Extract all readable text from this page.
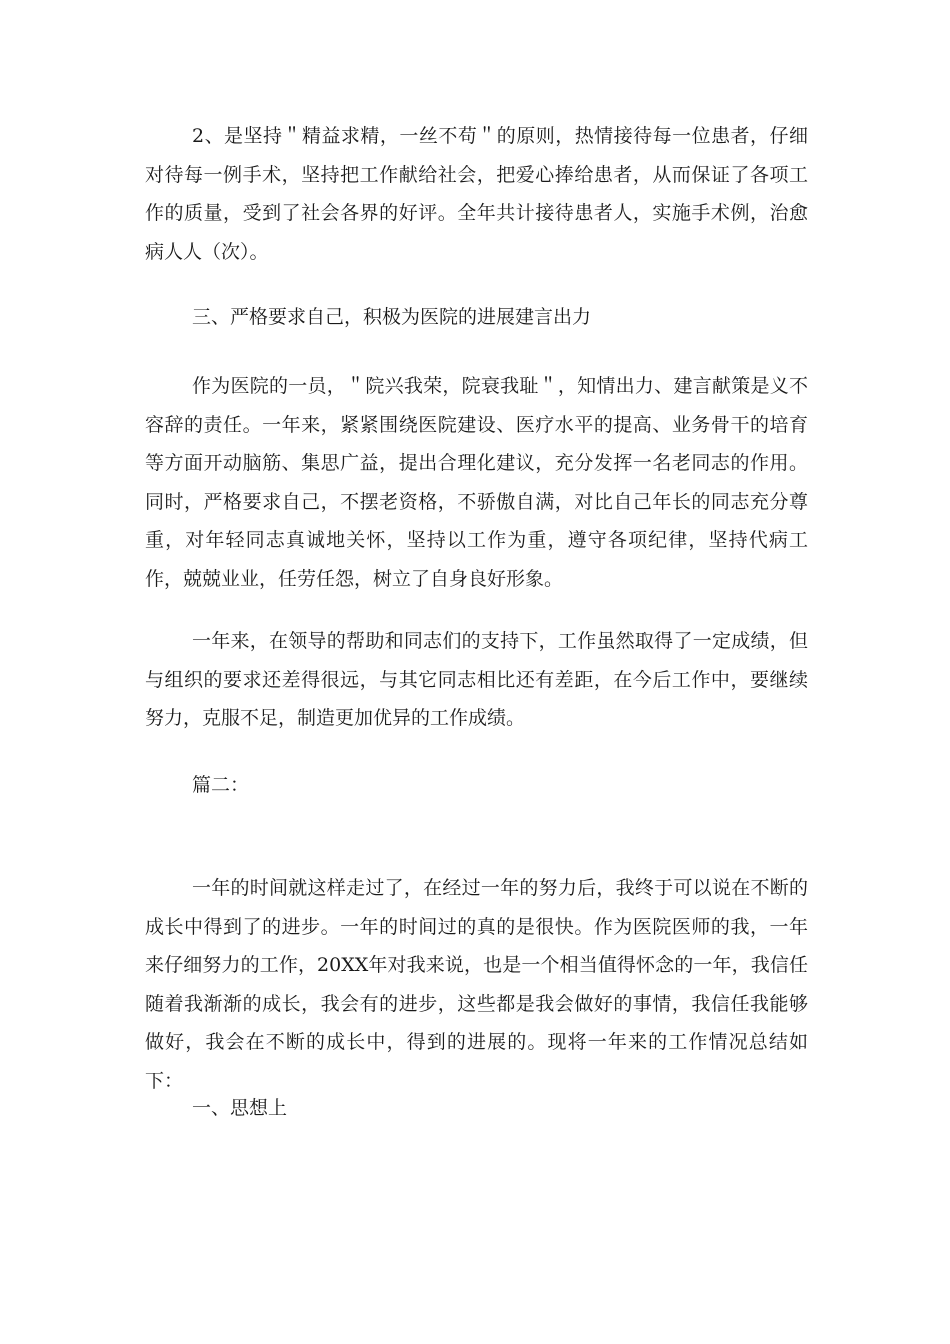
2、是坚持＂精益求精，一丝不苟＂的原则，热情接待每一位患者，仔细对待每一例手术，坚持把工作献给社会，把爱心捧给患者，从而保证了各项工作的质量，受到了社会各界的好评。全年共计接待患者人，实施手术例，治愈病人人（次）。

三、严格要求自己，积极为医院的进展建言出力

作为医院的一员，＂院兴我荣，院衰我耻＂，知情出力、建言献策是义不容辞的责任。一年来，紧紧围绕医院建设、医疗水平的提高、业务骨干的培育等方面开动脑筋、集思广益，提出合理化建议，充分发挥一名老同志的作用。同时，严格要求自己，不摆老资格，不骄傲自满，对比自己年长的同志充分尊重，对年轻同志真诚地关怀，坚持以工作为重，遵守各项纪律，坚持代病工作，兢兢业业，任劳任怨，树立了自身良好形象。

一年来，在领导的帮助和同志们的支持下，工作虽然取得了一定成绩，但与组织的要求还差得很远，与其它同志相比还有差距，在今后工作中，要继续努力，克服不足，制造更加优异的工作成绩。

篇二：

一年的时间就这样走过了，在经过一年的努力后，我终于可以说在不断的成长中得到了的进步。一年的时间过的真的是很快。作为医院医师的我，一年来仔细努力的工作，20XX年对我来说，也是一个相当值得怀念的一年，我信任随着我渐渐的成长，我会有的进步，这些都是我会做好的事情，我信任我能够做好，我会在不断的成长中，得到的进展的。现将一年来的工作情况总结如下：

一、思想上
